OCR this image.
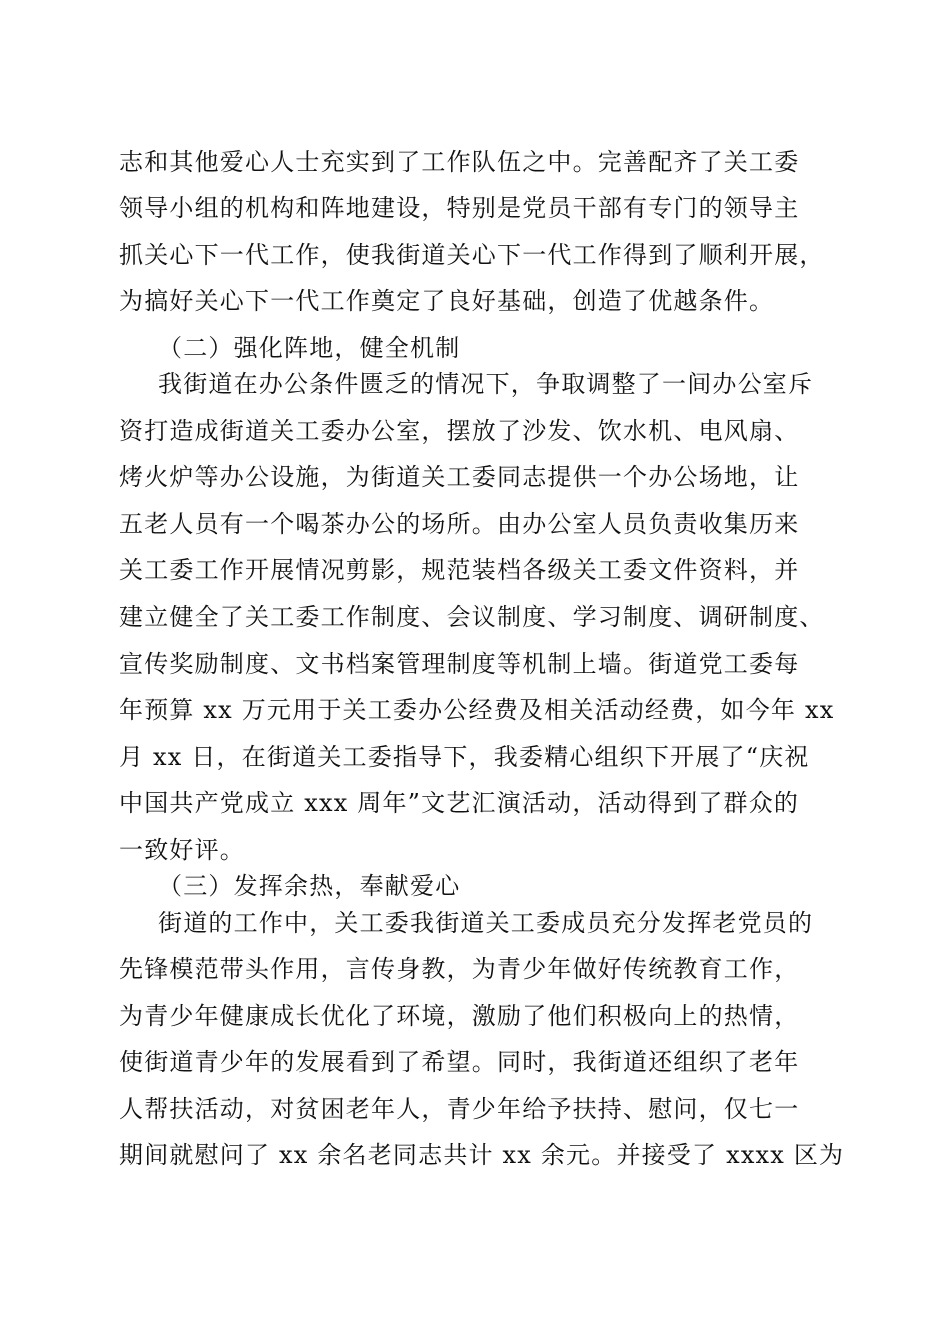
志和其他爱心人士充实到了工作队伍之中。完善配齐了关工委
领导小组的机构和阵地建设，特别是党员干部有专门的领导主
抓关心下一代工作，使我街道关心下一代工作得到了顺利开展，
为搞好关心下一代工作奠定了良好基础，创造了优越条件。
（二）强化阵地，健全机制
我街道在办公条件匮乏的情况下，争取调整了一间办公室斥
资打造成街道关工委办公室，摆放了沙发、饮水机、电风扇、
烤火炉等办公设施，为街道关工委同志提供一个办公场地，让
五老人员有一个喝茶办公的场所。由办公室人员负责收集历来
关工委工作开展情况剪影，规范装档各级关工委文件资料，并
建立健全了关工委工作制度、会议制度、学习制度、调研制度、
宣传奖励制度、文书档案管理制度等机制上墙。街道党工委每
年预算 xx 万元用于关工委办公经费及相关活动经费，如今年 xx
月 xx 日，在街道关工委指导下，我委精心组织下开展了“庆祝
中国共产党成立 xxx 周年”文艺汇演活动，活动得到了群众的
一致好评。
（三）发挥余热，奉献爱心
街道的工作中，关工委我街道关工委成员充分发挥老党员的
先锋模范带头作用，言传身教，为青少年做好传统教育工作，
为青少年健康成长优化了环境，激励了他们积极向上的热情，
使街道青少年的发展看到了希望。同时，我街道还组织了老年
人帮扶活动，对贫困老年人，青少年给予扶持、慰问，仅七一
期间就慰问了 xx 余名老同志共计 xx 余元。并接受了 xxxx 区为
